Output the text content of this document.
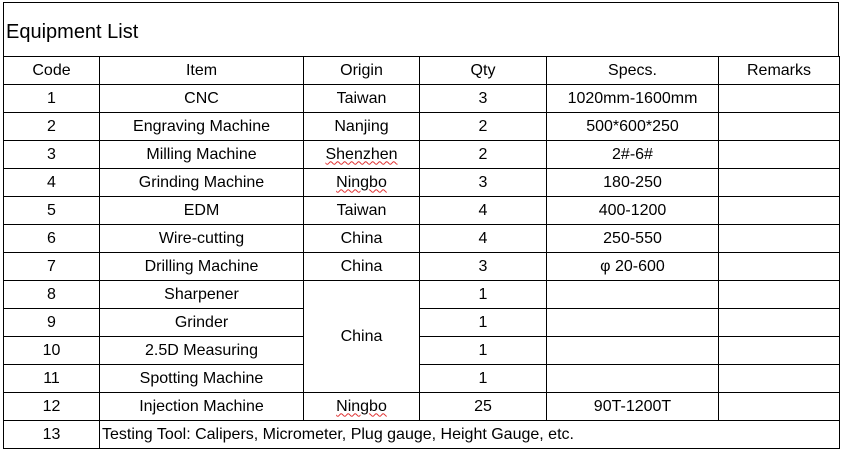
Equipment List
Code	Item	Origin	Qty	Specs.	Remarks
1	CNC	Taiwan	3	1020mm-1600mm	
2	Engraving Machine	Nanjing	2	500*600*250	
3	Milling Machine	Shenzhen	2	2#-6#	
4	Grinding Machine	Ningbo	3	180-250	
5	EDM	Taiwan	4	400-1200	
6	Wire-cutting	China	4	250-550	
7	Drilling Machine	China	3	φ 20-600	
8	Sharpener	China	1		
9	Grinder		1		
10	2.5D Measuring		1		
11	Spotting Machine		1		
12	Injection Machine	Ningbo	25	90T-1200T	
13	Testing Tool: Calipers, Micrometer, Plug gauge, Height Gauge, etc.				
